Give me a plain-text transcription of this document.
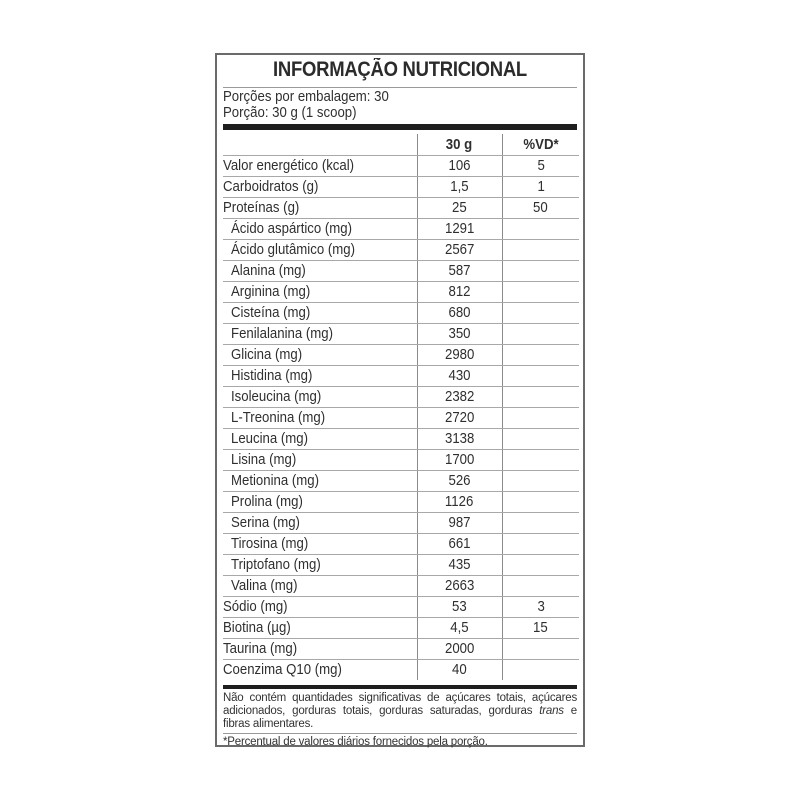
INFORMAÇÃO NUTRICIONAL
Porções por embalagem: 30
Porção: 30 g (1 scoop)
	30 g	%VD*
Valor energético (kcal)	106	5
Carboidratos (g)	1,5	1
Proteínas (g)	25	50
Ácido aspártico (mg)	1291	
Ácido glutâmico (mg)	2567	
Alanina (mg)	587	
Arginina (mg)	812	
Cisteína (mg)	680	
Fenilalanina (mg)	350	
Glicina (mg)	2980	
Histidina (mg)	430	
Isoleucina (mg)	2382	
L-Treonina (mg)	2720	
Leucina (mg)	3138	
Lisina (mg)	1700	
Metionina (mg)	526	
Prolina (mg)	1126	
Serina (mg)	987	
Tirosina (mg)	661	
Triptofano (mg)	435	
Valina (mg)	2663	
Sódio (mg)	53	3
Biotina (µg)	4,5	15
Taurina (mg)	2000	
Coenzima Q10 (mg)	40	
Não contém quantidades significativas de açúcares totais, açúcares adicionados, gorduras totais, gorduras saturadas, gorduras trans e fibras alimentares.
*Percentual de valores diários fornecidos pela porção.
